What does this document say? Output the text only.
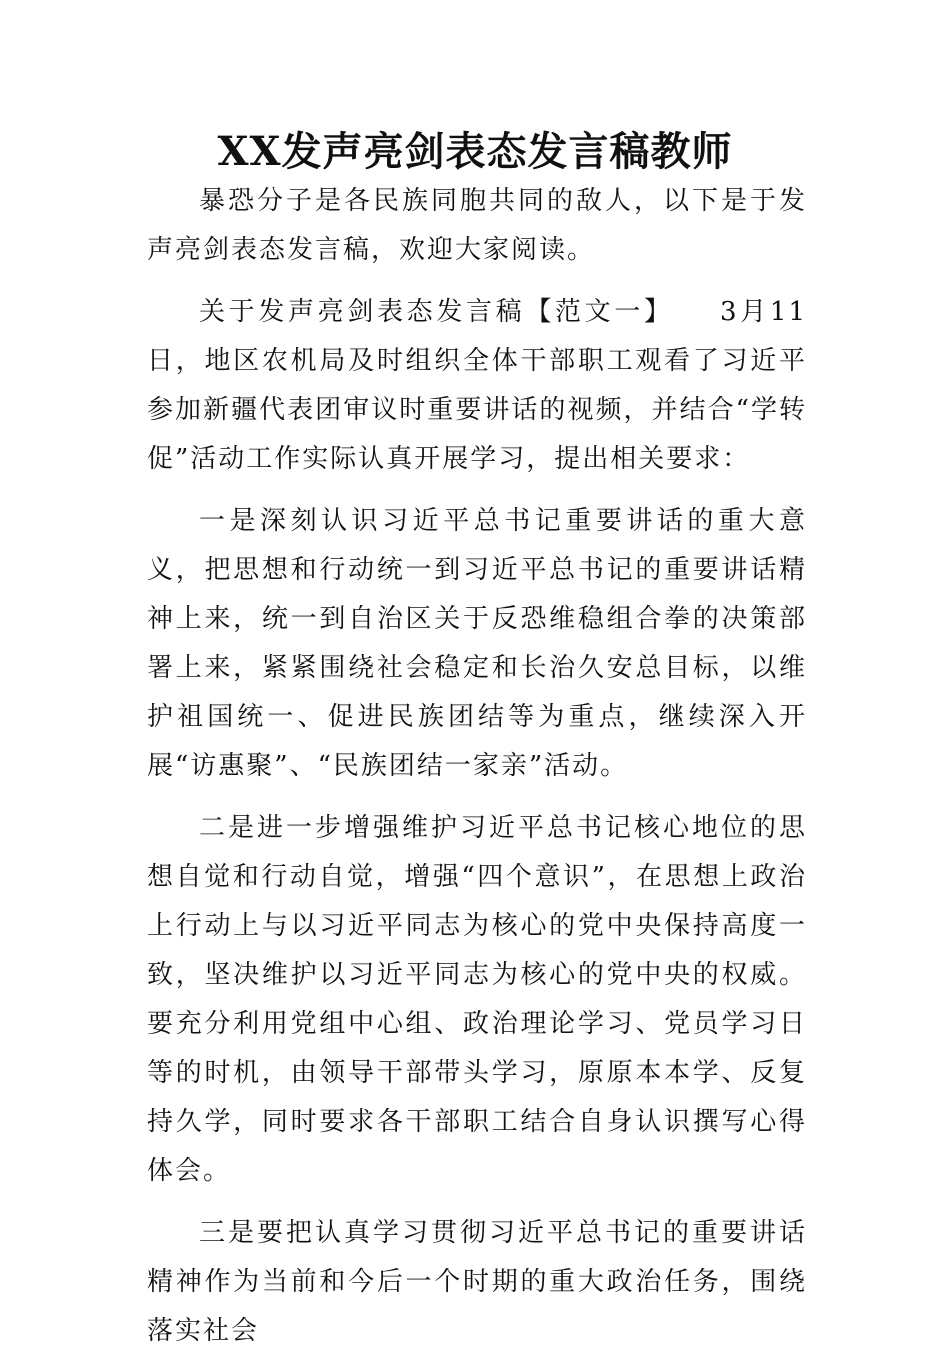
XX发声亮剑表态发言稿教师

暴恐分子是各民族同胞共同的敌人，以下是于发声亮剑表态发言稿，欢迎大家阅读。

关于发声亮剑表态发言稿【范文一】　　3月11日，地区农机局及时组织全体干部职工观看了习近平参加新疆代表团审议时重要讲话的视频，并结合“学转促”活动工作实际认真开展学习，提出相关要求：

一是深刻认识习近平总书记重要讲话的重大意义，把思想和行动统一到习近平总书记的重要讲话精神上来，统一到自治区关于反恐维稳组合拳的决策部署上来，紧紧围绕社会稳定和长治久安总目标，以维护祖国统一、促进民族团结等为重点，继续深入开展“访惠聚”、“民族团结一家亲”活动。

二是进一步增强维护习近平总书记核心地位的思想自觉和行动自觉，增强“四个意识”，在思想上政治上行动上与以习近平同志为核心的党中央保持高度一致，坚决维护以习近平同志为核心的党中央的权威。要充分利用党组中心组、政治理论学习、党员学习日等的时机，由领导干部带头学习，原原本本学、反复持久学，同时要求各干部职工结合自身认识撰写心得体会。

三是要把认真学习贯彻习近平总书记的重要讲话精神作为当前和今后一个时期的重大政治任务，围绕落实社会
